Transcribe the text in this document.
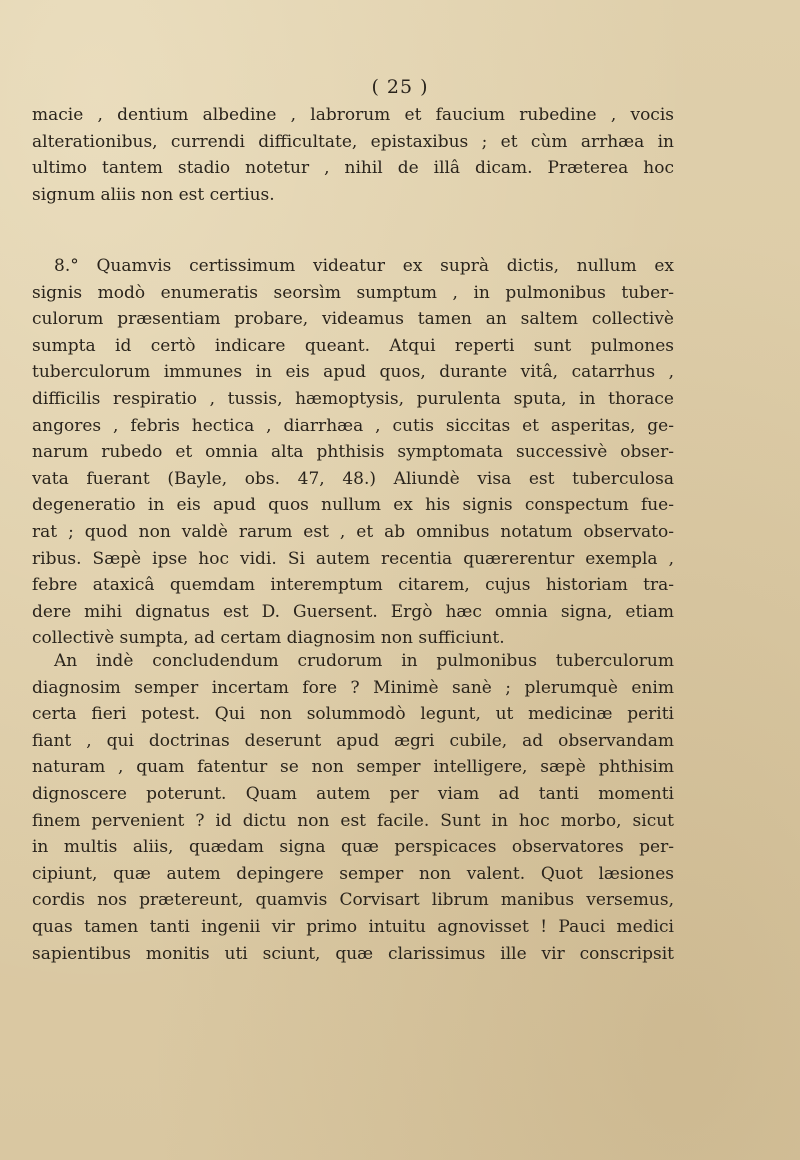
( 25 )
macie , dentium albedine , labrorum et faucium rubedine , vocis
alterationibus, currendi difficultate, epistaxibus ; et cùm arrhæa in
ultimo tantem stadio notetur , nihil de illâ dicam. Præterea hoc
signum aliis non est certius.
8.° Quamvis certissimum videatur ex suprà dictis, nullum ex
signis modò enumeratis seorsìm sumptum , in pulmonibus tuber-
culorum præsentiam probare, videamus tamen an saltem collectivè
sumpta id certò indicare queant. Atqui reperti sunt pulmones
tuberculorum immunes in eis apud quos, durante vitâ, catarrhus ,
difficilis respiratio , tussis, hæmoptysis, purulenta sputa, in thorace
angores , febris hectica , diarrhæa , cutis siccitas et asperitas, ge-
narum rubedo et omnia alta phthisis symptomata successivè obser-
vata fuerant (Bayle, obs. 47, 48.) Aliundè visa est tuberculosa
degeneratio in eis apud quos nullum ex his signis conspectum fue-
rat ; quod non valdè rarum est , et ab omnibus notatum observato-
ribus. Sæpè ipse hoc vidi. Si autem recentia quærerentur exempla ,
febre ataxicâ quemdam interemptum citarem, cujus historiam tra-
dere mihi dignatus est D. Guersent. Ergò hæc omnia signa, etiam
collectivè sumpta, ad certam diagnosim non sufficiunt.
An indè concludendum crudorum in pulmonibus tuberculorum
diagnosim semper incertam fore ? Minimè sanè ; plerumquè enim
certa fieri potest. Qui non solummodò legunt, ut medicinæ periti
fiant , qui doctrinas deserunt apud ægri cubile, ad observandam
naturam , quam fatentur se non semper intelligere, sæpè phthisim
dignoscere poterunt. Quam autem per viam ad tanti momenti
finem pervenient ? id dictu non est facile. Sunt in hoc morbo, sicut
in multis aliis, quædam signa quæ perspicaces observatores per-
cipiunt, quæ autem depingere semper non valent. Quot læsiones
cordis nos prætereunt, quamvis Corvisart librum manibus versemus,
quas tamen tanti ingenii vir primo intuitu agnovisset ! Pauci medici
sapientibus monitis uti sciunt, quæ clarissimus ille vir conscripsit
